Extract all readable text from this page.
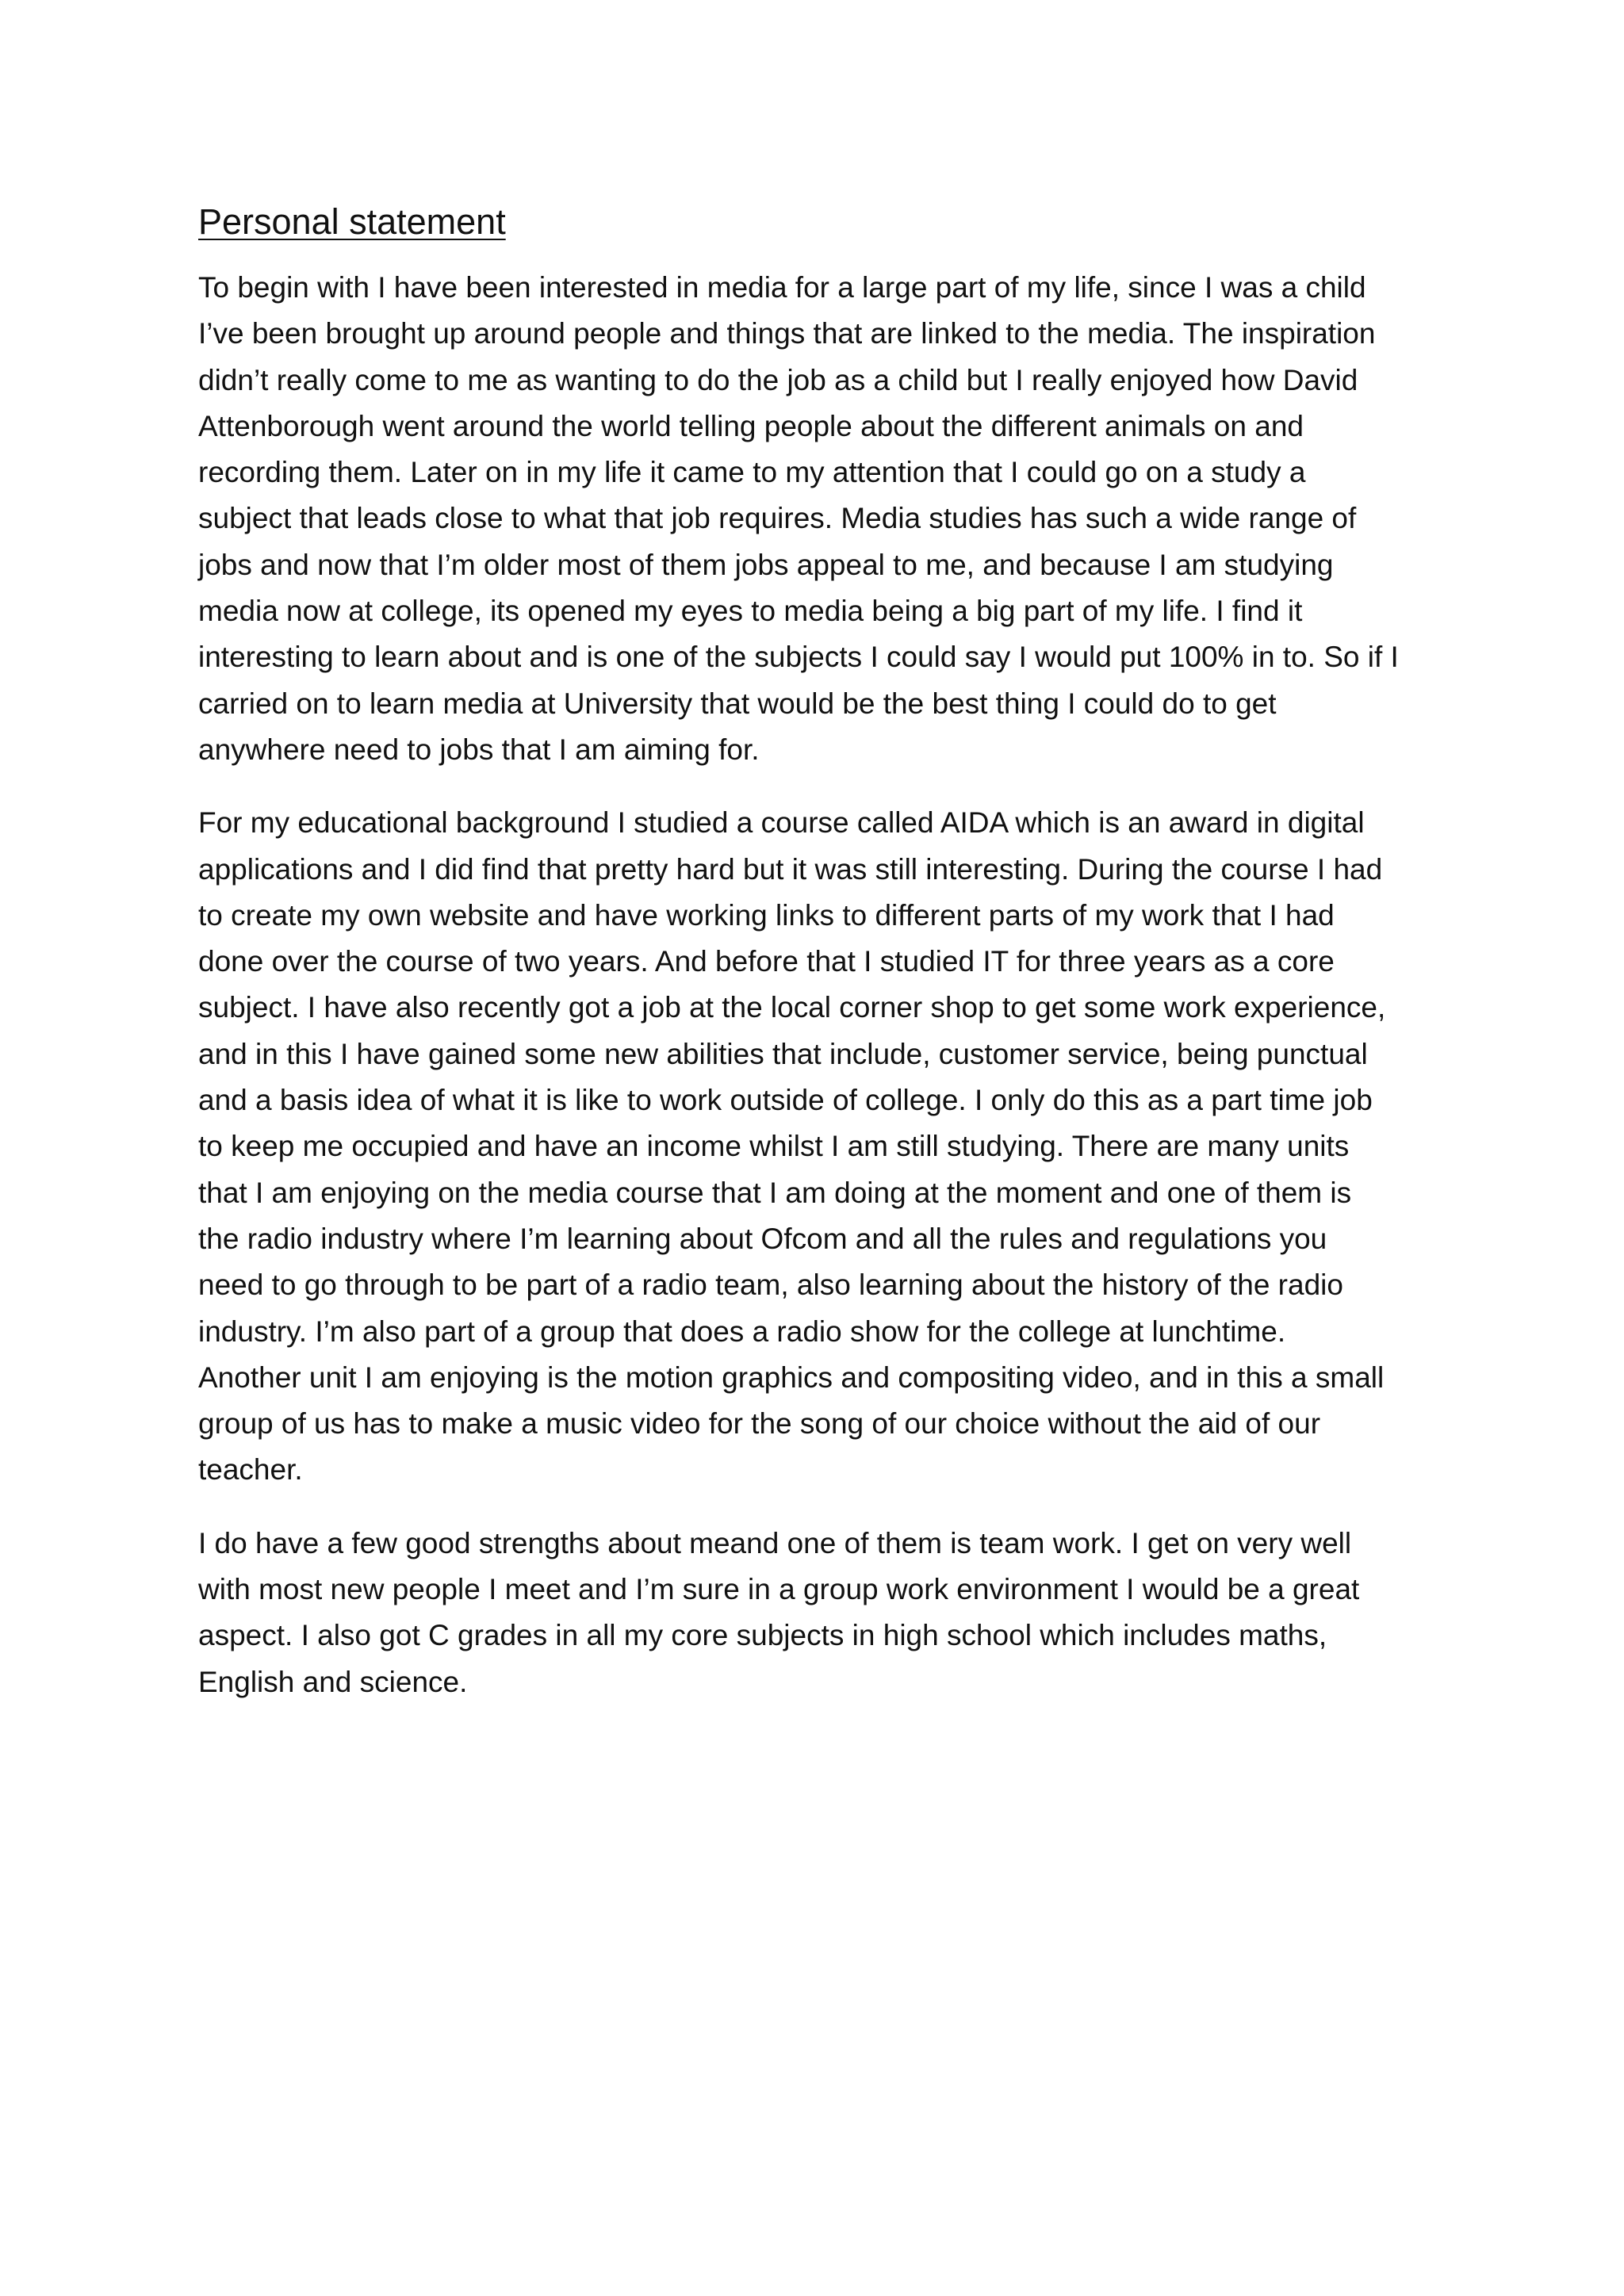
Personal statement
To begin with I have been interested in media for a large part of my life, since I was a child
I’ve been brought up around people and things that are linked to the media. The inspiration
didn’t really come to me as wanting to do the job as a child but I really enjoyed how David
Attenborough went around the world telling people about the different animals on and
recording them. Later on in my life it came to my attention that I could go on a study a
subject that leads close to what that job requires. Media studies has such a wide range of
jobs and now that I’m older most of them jobs appeal to me, and because I am studying
media now at college, its opened my eyes to media being a big part of my life. I find it
interesting to learn about and is one of the subjects I could say I would put 100% in to. So if I
carried on to learn media at University that would be the best thing I could do to get
anywhere need to jobs that I am aiming for.
For my educational background I studied a course called AIDA which is an award in digital
applications and I did find that pretty hard but it was still interesting. During the course I had
to create my own website and have working links to different parts of my work that I had
done over the course of two years. And before that I studied IT for three years as a core
subject. I have also recently got a job at the local corner shop to get some work experience,
and in this I have gained some new abilities that include, customer service, being punctual
and a basis idea of what it is like to work outside of college. I only do this as a part time job
to keep me occupied and have an income whilst I am still studying. There are many units
that I am enjoying on the media course that I am doing at the moment and one of them is
the radio industry where I’m learning about Ofcom and all the rules and regulations you
need to go through to be part of a radio team, also learning about the history of the radio
industry. I’m also part of a group that does a radio show for the college at lunchtime.
Another unit I am enjoying is the motion graphics and compositing video, and in this a small
group of us has to make a music video for the song of our choice without the aid of our
teacher.
I do have a few good strengths about meand one of them is team work. I get on very well
with most new people I meet and I’m sure in a group work environment I would be a great
aspect. I also got C grades in all my core subjects in high school which includes maths,
English and science.
